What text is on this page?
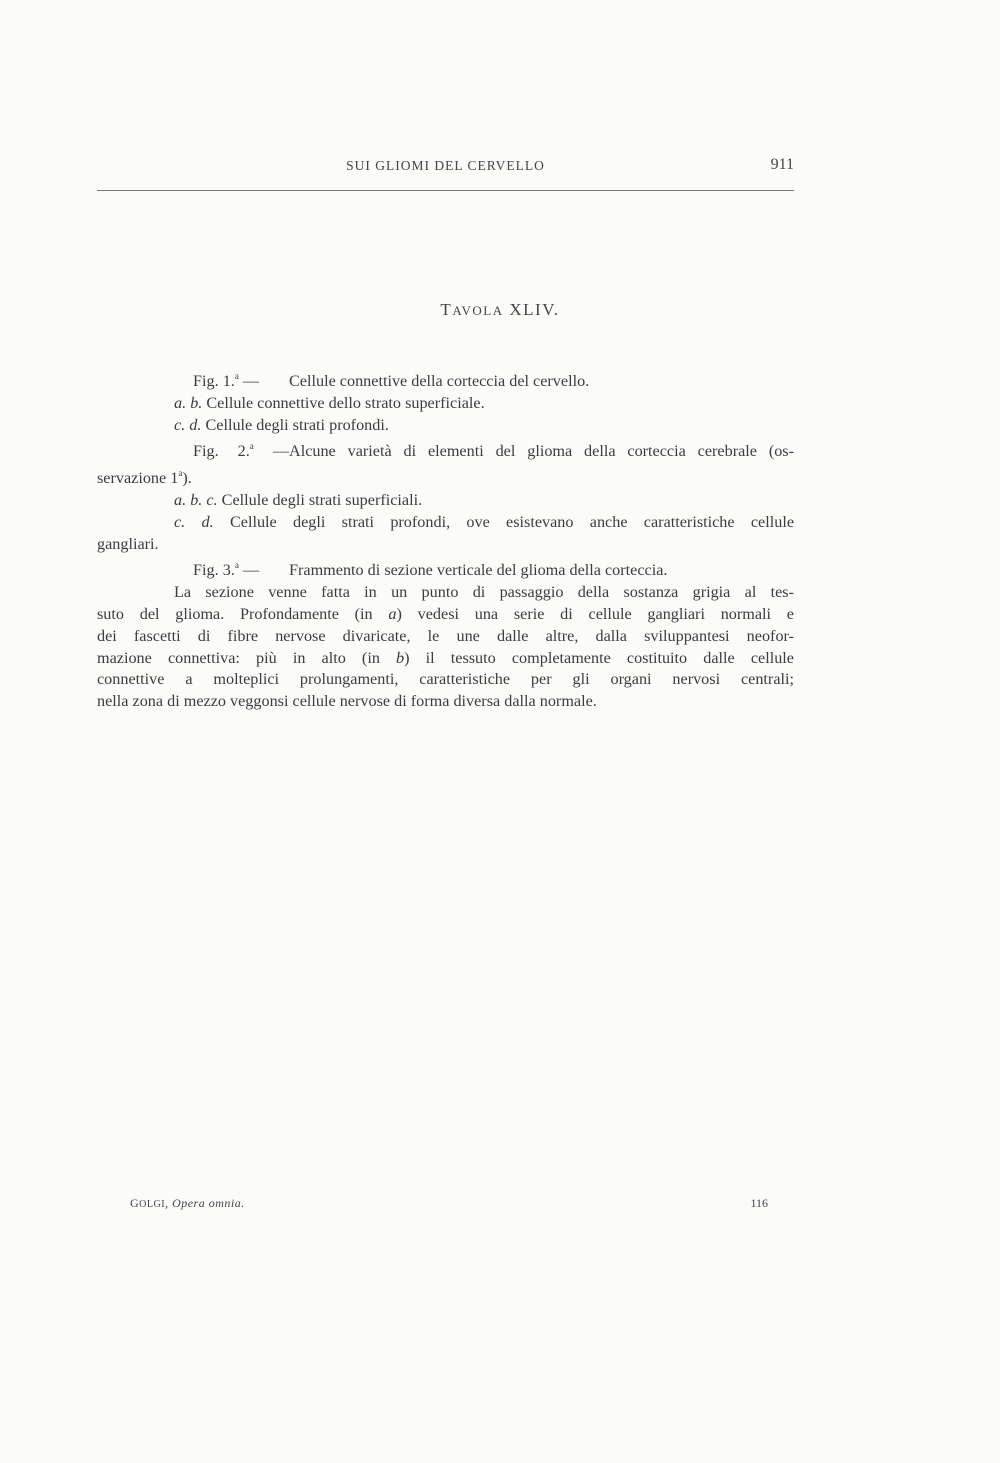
SUI GLIOMI DEL CERVELLO	911
TAVOLA XLIV.

Fig. 1.$^a$ — Cellule connettive della corteccia del cervello.

a. b. Cellule connettive dello strato superficiale.

c. d. Cellule degli strati profondi.

Fig. 2.$^a$ —Alcune varietà di elementi del glioma della corteccia cerebrale (os-

servazione 1$^a$).

a. b. c. Cellule degli strati superficiali.

c. d. Cellule degli strati profondi, ove esistevano anche caratteristiche cellule

gangliari.

Fig. 3.$^a$ — Frammento di sezione verticale del glioma della corteccia.

La sezione venne fatta in un punto di passaggio della sostanza grigia al tes-

suto del glioma. Profondamente (in a) vedesi una serie di cellule gangliari normali e

dei fascetti di fibre nervose divaricate, le une dalle altre, dalla sviluppantesi neofor-

mazione connettiva: più in alto (in b) il tessuto completamente costituito dalle cellule

connettive a molteplici prolungamenti, caratteristiche per gli organi nervosi centrali;

nella zona di mezzo veggonsi cellule nervose di forma diversa dalla normale.

GOLGI, Opera omnia.	116
